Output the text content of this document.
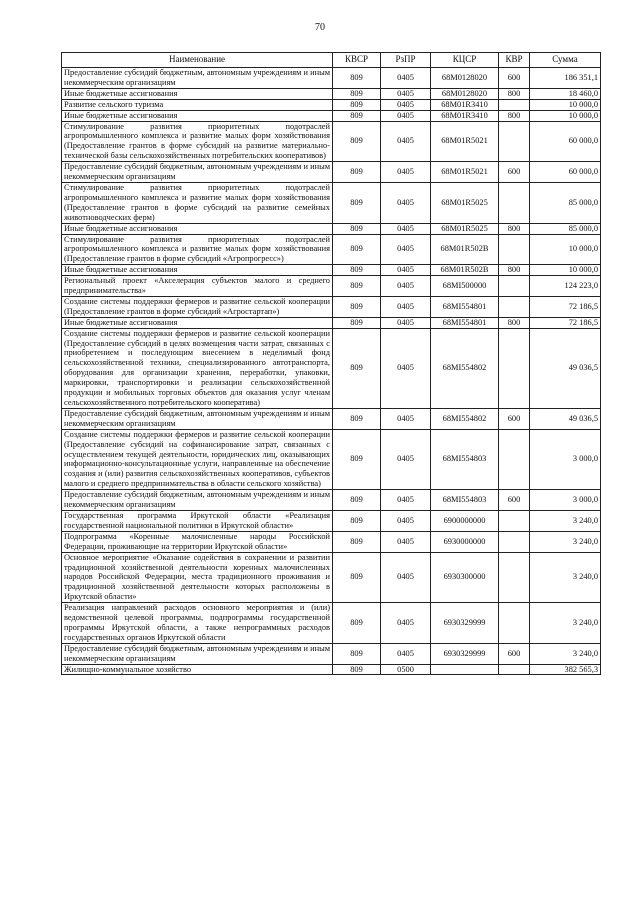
70
Наименование	КВСР	РзПР	КЦСР	КВР	Сумма
Предоставление субсидий бюджетным, автономным учреждениям и иным некоммерческим организациям	809	0405	68М0128020	600	186 351,1
Иные бюджетные ассигнования	809	0405	68М0128020	800	18 460,0
Развитие сельского туризма	809	0405	68М01R3410		10 000,0
Иные бюджетные ассигнования	809	0405	68М01R3410	800	10 000,0
Стимулирование развития приоритетных подотраслей агропромышленного комплекса и развитие малых форм хозяйствования (Предоставление грантов в форме субсидий на развитие материально-технической базы сельскохозяйственных потребительских кооперативов)	809	0405	68М01R5021		60 000,0
Предоставление субсидий бюджетным, автономным учреждениям и иным некоммерческим организациям	809	0405	68М01R5021	600	60 000,0
Стимулирование развития приоритетных подотраслей агропромышленного комплекса и развитие малых форм хозяйствования (Предоставление грантов в форме субсидий на развитие семейных животноводческих ферм)	809	0405	68М01R5025		85 000,0
Иные бюджетные ассигнования	809	0405	68М01R5025	800	85 000,0
Стимулирование развития приоритетных подотраслей агропромышленного комплекса и развитие малых форм хозяйствования (Предоставление грантов в форме субсидий «Агропрогресс»)	809	0405	68М01R502В		10 000,0
Иные бюджетные ассигнования	809	0405	68М01R502В	800	10 000,0
Региональный проект «Акселерация субъектов малого и среднего предпринимательства»	809	0405	68МI500000		124 223,0
Создание системы поддержки фермеров и развитие сельской кооперации (Предоставление грантов в форме субсидий «Агростартап»)	809	0405	68МI554801		72 186,5
Иные бюджетные ассигнования	809	0405	68МI554801	800	72 186,5
Создание системы поддержки фермеров и развитие сельской кооперации (Предоставление субсидий в целях возмещения части затрат, связанных с приобретением и последующим внесением в неделимый фонд сельскохозяйственной техники, специализированного автотранспорта, оборудования для организации хранения, переработки, упаковки, маркировки, транспортировки и реализации сельскохозяйственной продукции и мобильных торговых объектов для оказания услуг членам сельскохозяйственного потребительского кооператива)	809	0405	68МI554802		49 036,5
Предоставление субсидий бюджетным, автономным учреждениям и иным некоммерческим организациям	809	0405	68МI554802	600	49 036,5
Создание системы поддержки фермеров и развитие сельской кооперации (Предоставление субсидий на софинансирование затрат, связанных с осуществлением текущей деятельности, юридических лиц, оказывающих информационно-консультационные услуги, направленные на обеспечение создания и (или) развития сельскохозяйственных кооперативов, субъектов малого и среднего предпринимательства в области сельского хозяйства)	809	0405	68МI554803		3 000,0
Предоставление субсидий бюджетным, автономным учреждениям и иным некоммерческим организациям	809	0405	68МI554803	600	3 000,0
Государственная программа Иркутской области «Реализация государственной национальной политики в Иркутской области»	809	0405	6900000000		3 240,0
Подпрограмма «Коренные малочисленные народы Российской Федерации, проживающие на территории Иркутской области»	809	0405	6930000000		3 240,0
Основное мероприятие «Оказание содействия в сохранении и развитии традиционной хозяйственной деятельности коренных малочисленных народов Российской Федерации, места традиционного проживания и традиционной хозяйственной деятельности которых расположены в Иркутской области»	809	0405	6930300000		3 240,0
Реализация направлений расходов основного мероприятия и (или) ведомственной целевой программы, подпрограммы государственной программы Иркутской области, а также непрограммных расходов государственных органов Иркутской области	809	0405	6930329999		3 240,0
Предоставление субсидий бюджетным, автономным учреждениям и иным некоммерческим организациям	809	0405	6930329999	600	3 240,0
Жилищно-коммунальное хозяйство	809	0500			382 565,3
